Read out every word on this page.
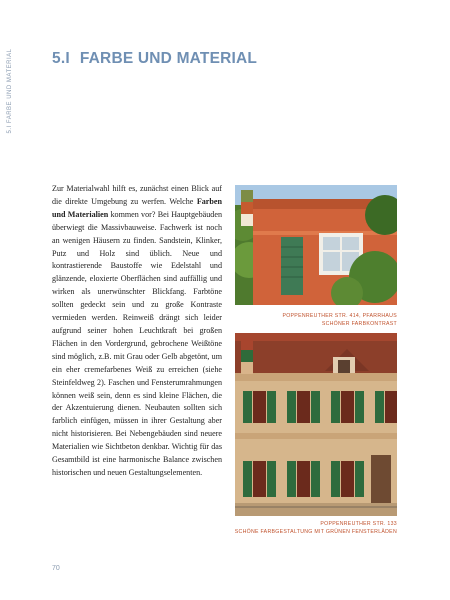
5.I FARBE UND MATERIAL	5.I FARBE UND MATERIAL

Zur Materialwahl hilft es, zunächst einen Blick auf die direkte Umgebung zu werfen. Welche Farben und Materialien kommen vor? Bei Hauptgebäuden überwiegt die Massivbauweise. Fachwerk ist noch an wenigen Häusern zu finden. Sandstein, Klinker, Putz und Holz sind üblich. Neue und kontrastierende Baustoffe wie Edelstahl und glänzende, eloxierte Oberflächen sind auffällig und wirken als unerwünschter Blickfang. Farbtöne sollten gedeckt sein und zu große Kontraste vermieden werden. Reinweiß drängt sich leider aufgrund seiner hohen Leuchtkraft bei großen Flächen in den Vordergrund, gebrochene Weißtöne sind möglich, z.B. mit Grau oder Gelb abgetönt, um ein eher cremefarbenes Weiß zu erreichen (siehe Steinfeldweg 2). Faschen und Fensterumrahmungen können weiß sein, denn es sind kleine Flächen, die der Akzentuierung dienen. Neubauten sollten sich farblich einfügen, müssen in ihrer Gestaltung aber nicht historisieren. Bei Nebengebäuden sind neuere Materialien wie Sichtbeton denkbar. Wichtig für das Gesamtbild ist eine harmonische Balance zwischen historischen und neuen Gestaltungselementen.

POPPENREUTHER STR. 414, PFARRHAUS
SCHÖNER FARBKONTRAST
POPPENREUTHER STR. 133
SCHÖNE FARBGESTALTUNG MIT GRÜNEN FENSTERLÄDEN
70
